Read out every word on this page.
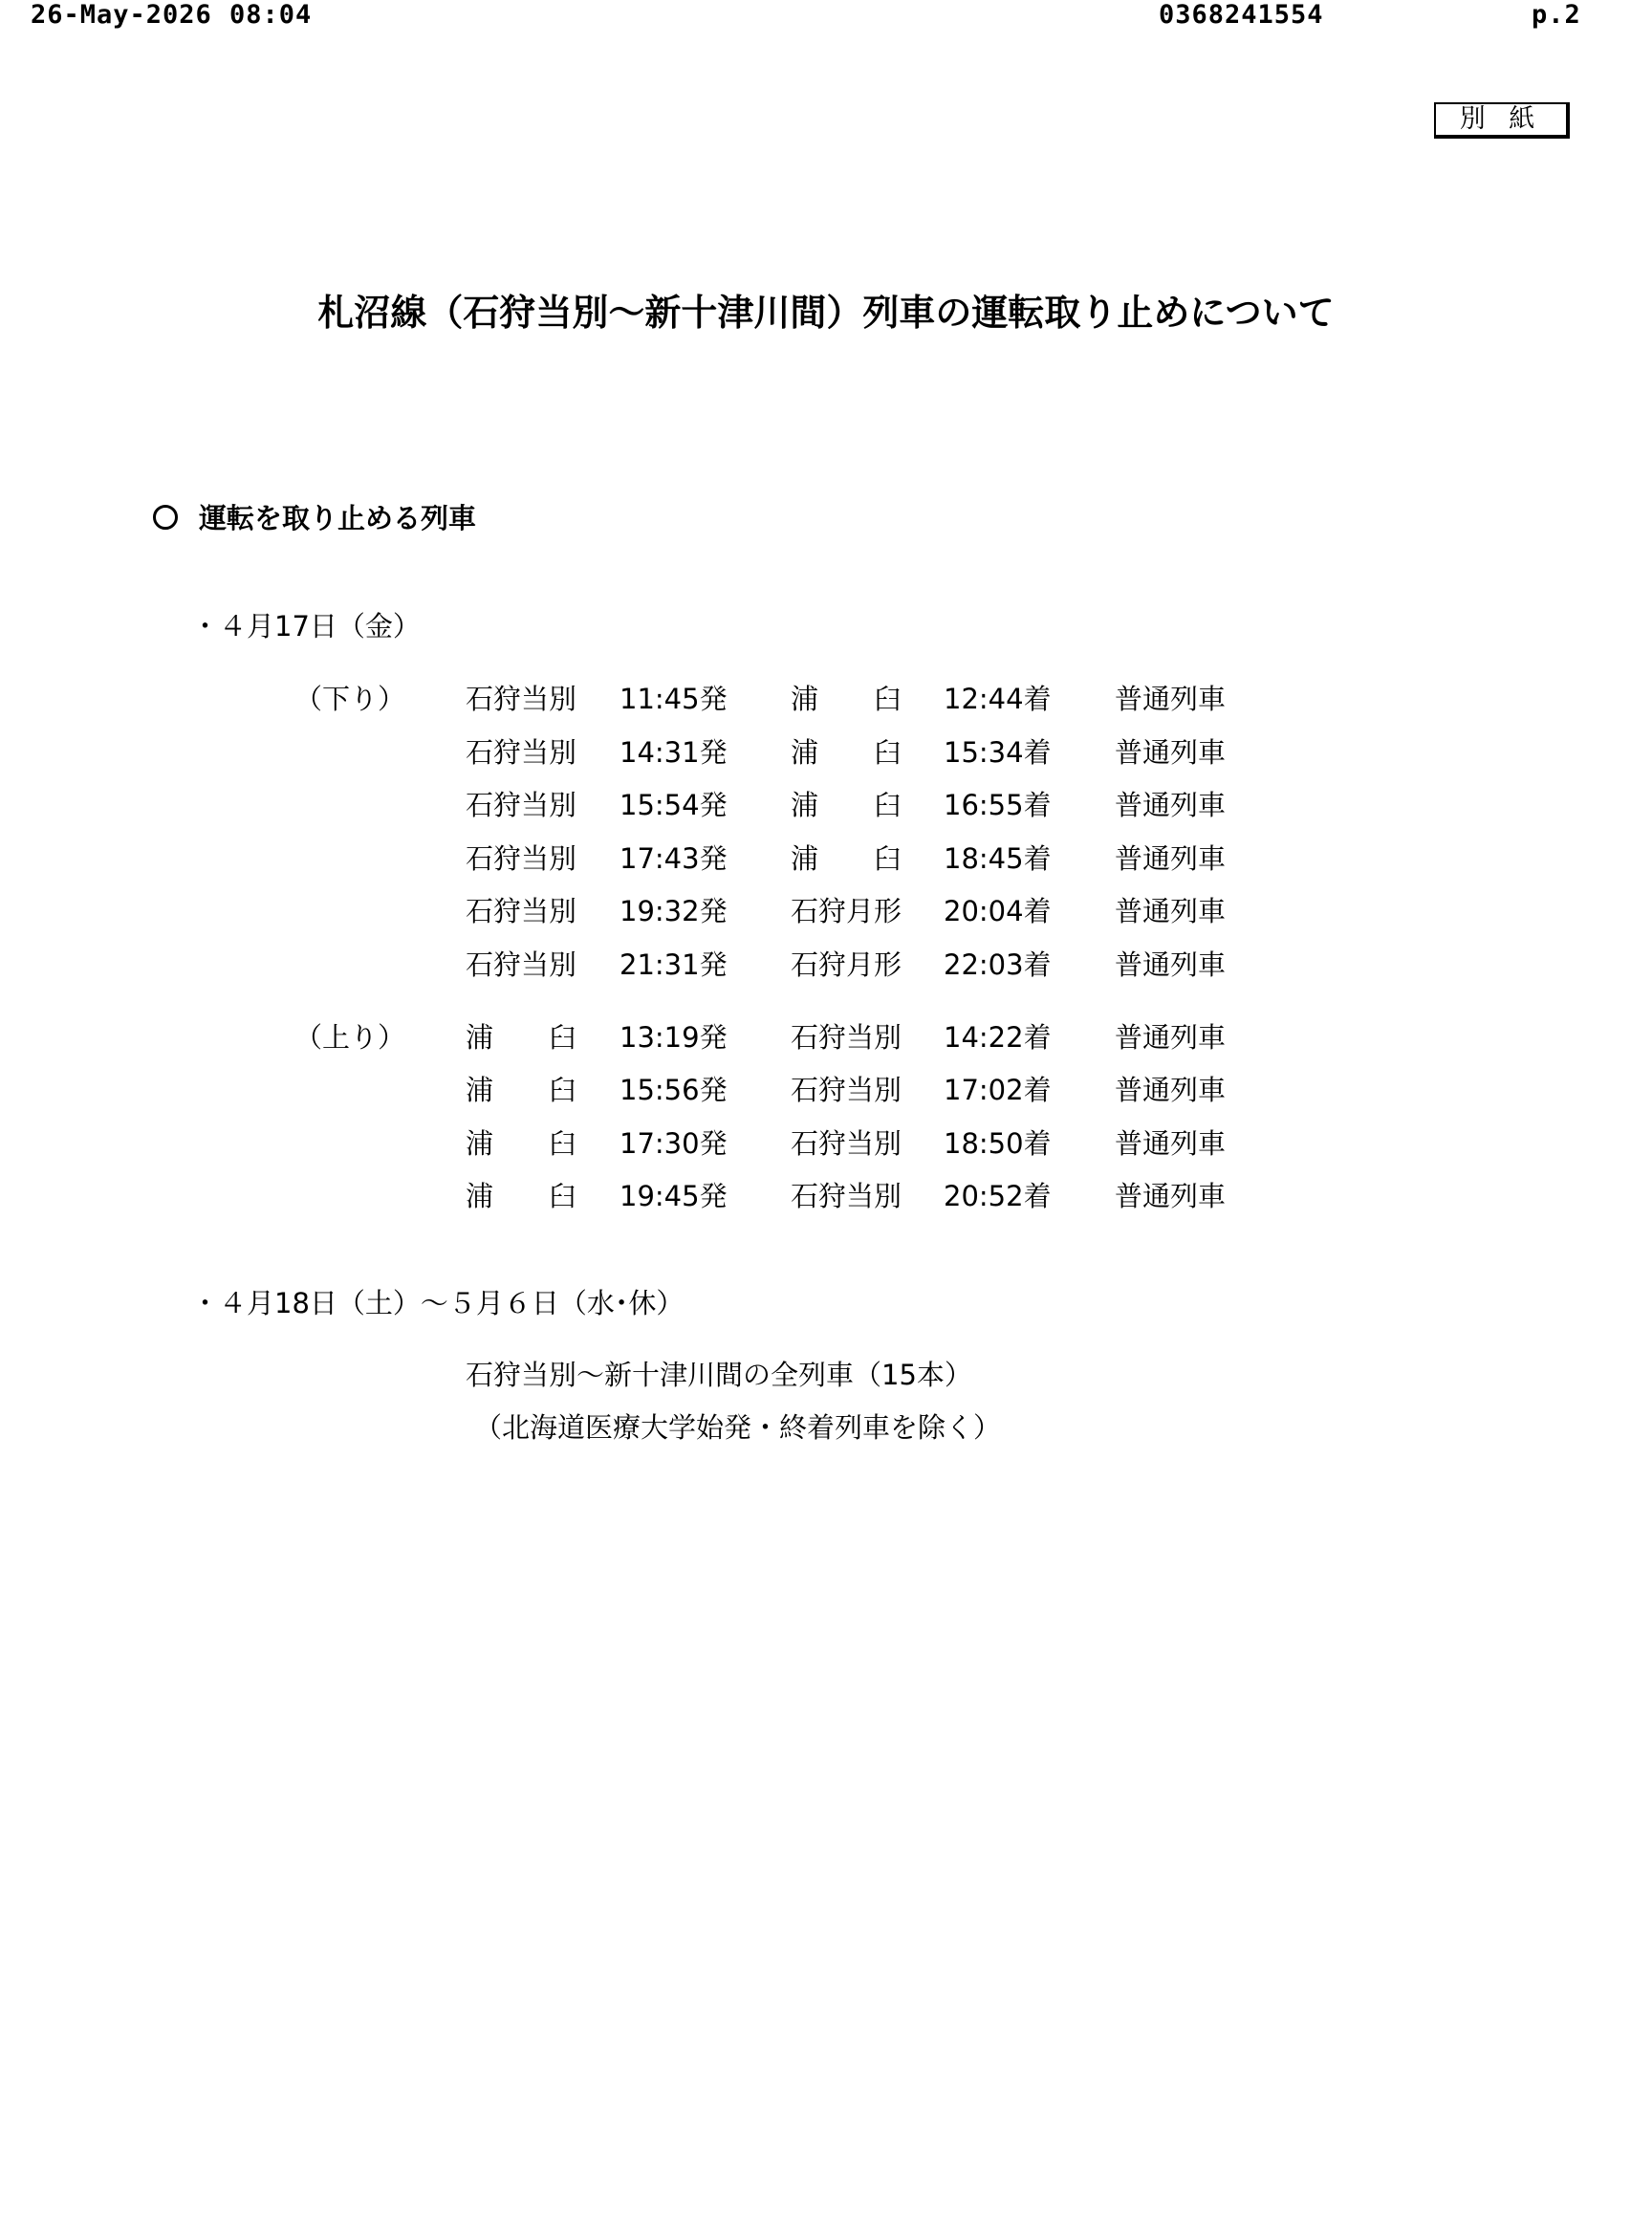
26-May-2026 08:04	0368241554	p.2
別 紙
札沼線（石狩当別～新十津川間）列車の運転取り止めについて
運転を取り止める列車
・４月17日（金）
（下り） 石狩当別 11:45発 浦　　臼 12:44着 普通列車
石狩当別 14:31発 浦　　臼 15:34着 普通列車
石狩当別 15:54発 浦　　臼 16:55着 普通列車
石狩当別 17:43発 浦　　臼 18:45着 普通列車
石狩当別 19:32発 石狩月形 20:04着 普通列車
石狩当別 21:31発 石狩月形 22:03着 普通列車
（上り） 浦　　臼 13:19発 石狩当別 14:22着 普通列車
浦　　臼 15:56発 石狩当別 17:02着 普通列車
浦　　臼 17:30発 石狩当別 18:50着 普通列車
浦　　臼 19:45発 石狩当別 20:52着 普通列車
・４月18日（土）～５月６日（水･休）
石狩当別～新十津川間の全列車（15本）
（北海道医療大学始発・終着列車を除く）
